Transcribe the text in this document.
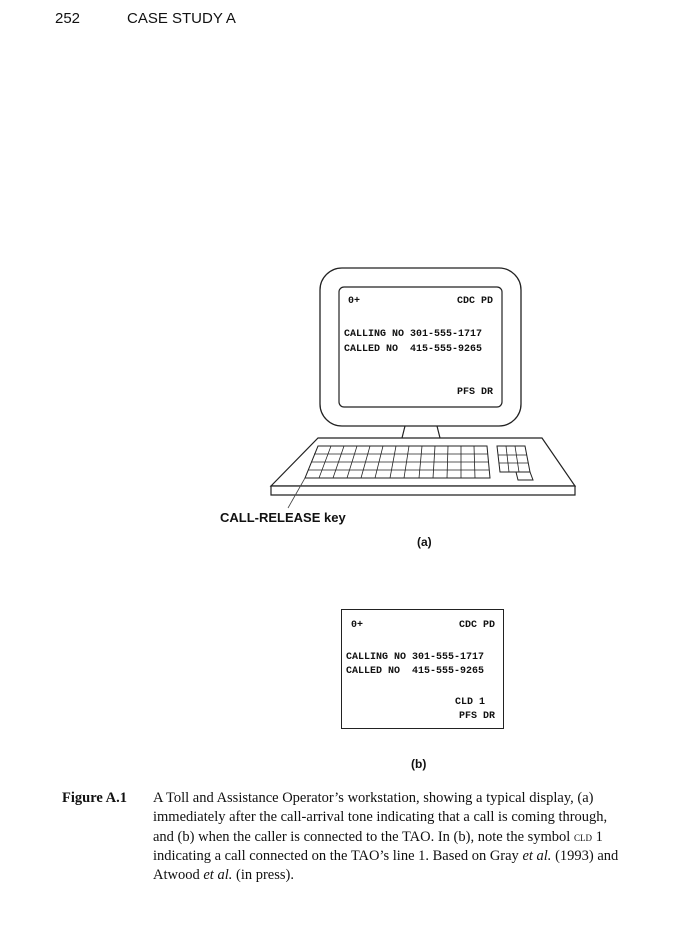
252	CASE STUDY A
0+	CDC PD
CALLING NO 301-555-1717
CALLED NO  415-555-9265
PFS DR
CALL-RELEASE key
(a)
0+	CDC PD
CALLING NO 301-555-1717
CALLED NO  415-555-9265
CLD 1
PFS DR
(b)
Figure A.1 A Toll and Assistance Operator’s workstation, showing a typical display, (a)
immediately after the call-arrival tone indicating that a call is coming through,
and (b) when the caller is connected to the TAO. In (b), note the symbol cld 1
indicating a call connected on the TAO’s line 1. Based on Gray et al. (1993) and
Atwood et al. (in press).
